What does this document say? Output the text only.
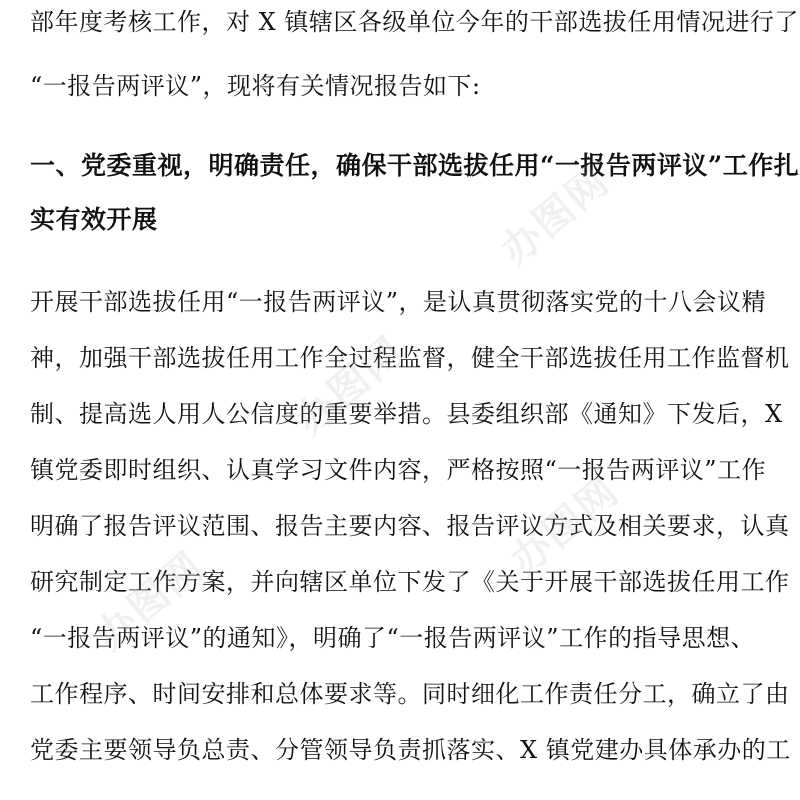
部年度考核工作，对 X 镇辖区各级单位今年的干部选拔任用情况进行了
“一报告两评议”，现将有关情况报告如下:
一、党委重视，明确责任，确保干部选拔任用“一报告两评议”工作扎
实有效开展
开展干部选拔任用“一报告两评议”，是认真贯彻落实党的十八会议精
神，加强干部选拔任用工作全过程监督，健全干部选拔任用工作监督机
制、提高选人用人公信度的重要举措。县委组织部《通知》下发后，X
镇党委即时组织、认真学习文件内容，严格按照“一报告两评议”工作
明确了报告评议范围、报告主要内容、报告评议方式及相关要求，认真
研究制定工作方案，并向辖区单位下发了《关于开展干部选拔任用工作
“一报告两评议”的通知》，明确了“一报告两评议”工作的指导思想、
工作程序、时间安排和总体要求等。同时细化工作责任分工，确立了由
党委主要领导负总责、分管领导负责抓落实、X 镇党建办具体承办的工
办图网
办图网
办图网
办图网
